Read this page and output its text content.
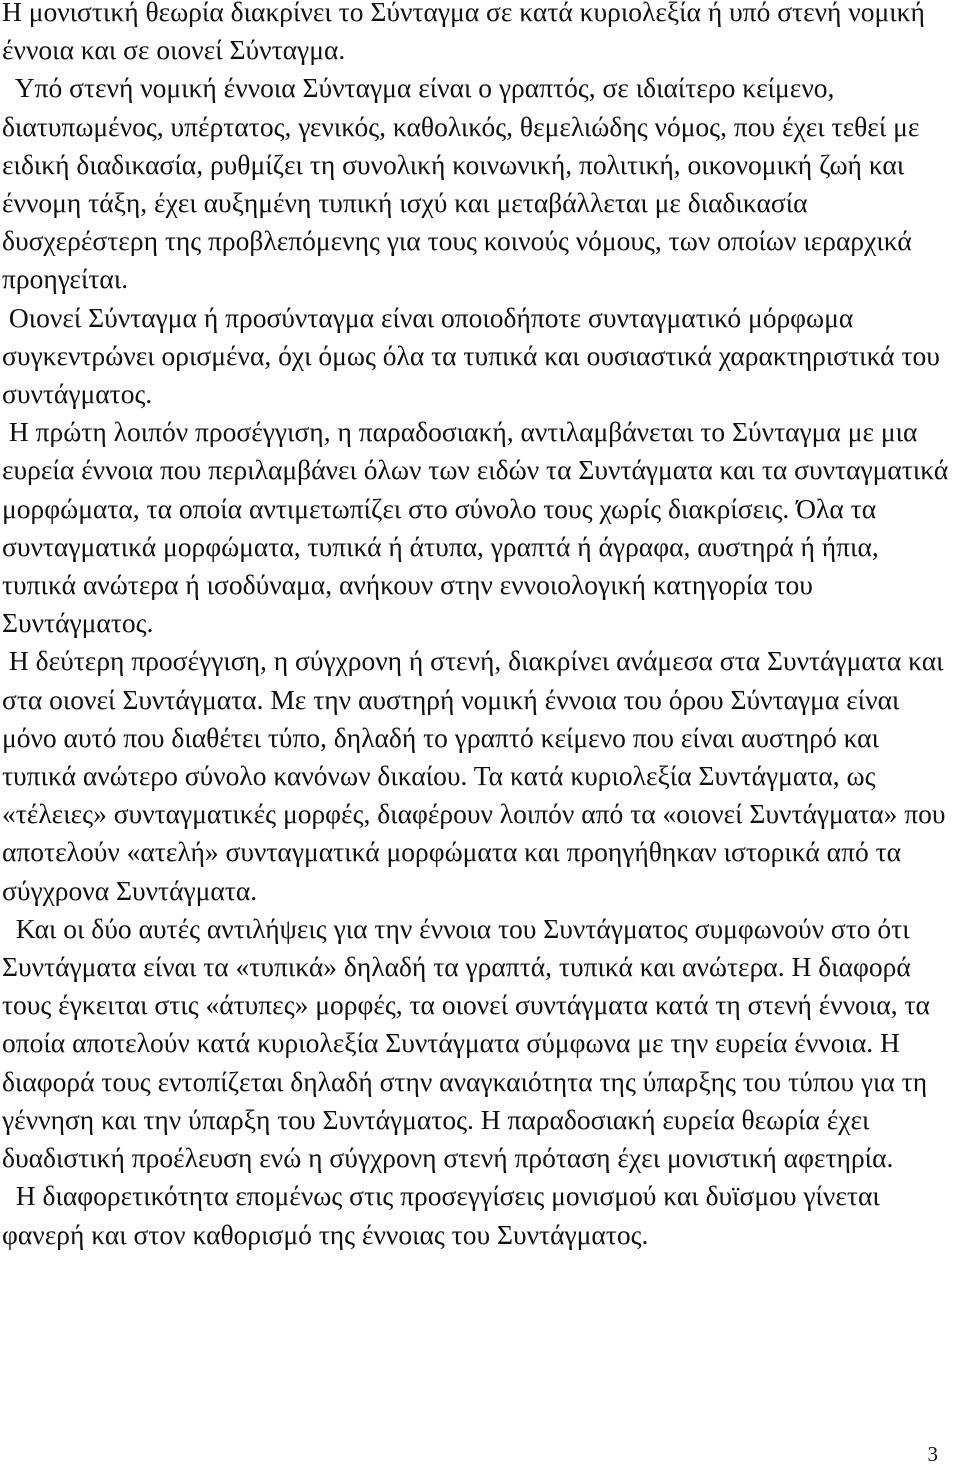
Η μονιστική θεωρία διακρίνει το Σύνταγμα σε κατά κυριολεξία ή υπό στενή νομική έννοια και σε οιονεί Σύνταγμα.

Υπό στενή νομική έννοια Σύνταγμα είναι ο γραπτός, σε ιδιαίτερο κείμενο, διατυπωμένος, υπέρτατος, γενικός, καθολικός, θεμελιώδης νόμος, που έχει τεθεί με ειδική διαδικασία, ρυθμίζει τη συνολική κοινωνική, πολιτική, οικονομική ζωή και έννομη τάξη, έχει αυξημένη τυπική ισχύ και μεταβάλλεται με διαδικασία δυσχερέστερη της προβλεπόμενης για τους κοινούς νόμους, των οποίων ιεραρχικά προηγείται.

Οιονεί Σύνταγμα ή προσύνταγμα είναι οποιοδήποτε συνταγματικό μόρφωμα συγκεντρώνει ορισμένα, όχι όμως όλα τα τυπικά και ουσιαστικά χαρακτηριστικά του συντάγματος.

Η πρώτη λοιπόν προσέγγιση, η παραδοσιακή, αντιλαμβάνεται το Σύνταγμα με μια ευρεία έννοια που περιλαμβάνει όλων των ειδών τα Συντάγματα και τα συνταγματικά μορφώματα, τα οποία αντιμετωπίζει στο σύνολο τους χωρίς διακρίσεις. Όλα τα συνταγματικά μορφώματα, τυπικά ή άτυπα, γραπτά ή άγραφα, αυστηρά ή ήπια, τυπικά ανώτερα ή ισοδύναμα, ανήκουν στην εννοιολογική κατηγορία του Συντάγματος.

Η δεύτερη προσέγγιση, η σύγχρονη ή στενή, διακρίνει ανάμεσα στα Συντάγματα και στα οιονεί Συντάγματα. Με την αυστηρή νομική έννοια του όρου Σύνταγμα είναι μόνο αυτό που διαθέτει τύπο, δηλαδή το γραπτό κείμενο που είναι αυστηρό και τυπικά ανώτερο σύνολο κανόνων δικαίου. Τα κατά κυριολεξία Συντάγματα, ως «τέλειες» συνταγματικές μορφές, διαφέρουν λοιπόν από τα «οιονεί Συντάγματα» που αποτελούν «ατελή» συνταγματικά μορφώματα και προηγήθηκαν ιστορικά από τα σύγχρονα Συντάγματα.

Και οι δύο αυτές αντιλήψεις για την έννοια του Συντάγματος συμφωνούν στο ότι Συντάγματα είναι τα «τυπικά» δηλαδή τα γραπτά, τυπικά και ανώτερα. Η διαφορά τους έγκειται στις «άτυπες» μορφές, τα οιονεί συντάγματα κατά τη στενή έννοια, τα οποία αποτελούν κατά κυριολεξία Συντάγματα σύμφωνα με την ευρεία έννοια. Η διαφορά τους εντοπίζεται δηλαδή στην αναγκαιότητα της ύπαρξης του τύπου για τη γέννηση και την ύπαρξη του Συντάγματος. Η παραδοσιακή ευρεία θεωρία έχει δυαδιστική προέλευση ενώ η σύγχρονη στενή πρόταση έχει μονιστική αφετηρία.

Η διαφορετικότητα επομένως στις προσεγγίσεις μονισμού και δυϊσμου γίνεται φανερή και στον καθορισμό της έννοιας του Συντάγματος.

3
